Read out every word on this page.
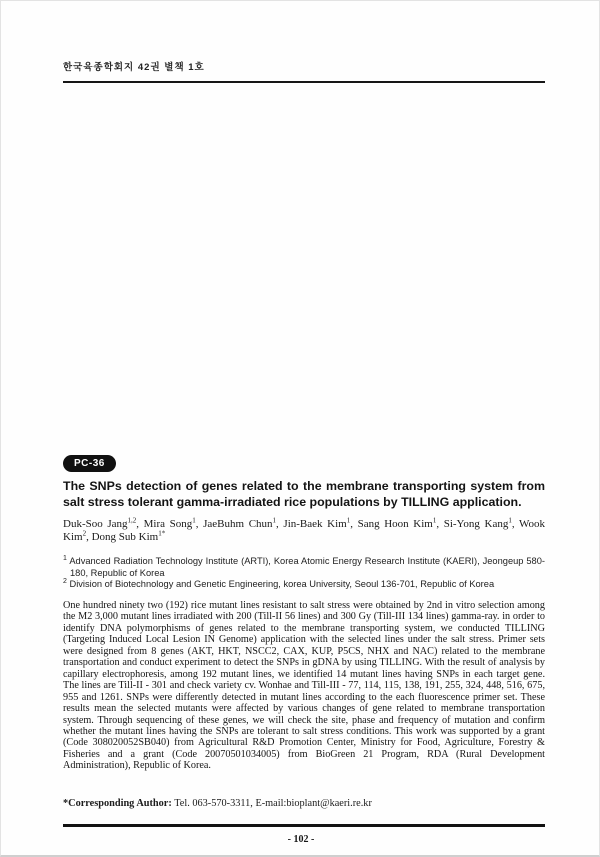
한국육종학회지 42권 별책 1호
PC-36
The SNPs detection of genes related to the membrane transporting system from salt stress tolerant gamma-irradiated rice populations by TILLING application.
Duk-Soo Jang$^{1,2}$, Mira Song$^1$, JaeBuhm Chun$^1$, Jin-Baek Kim$^1$, Sang Hoon Kim$^1$, Si-Yong Kang$^1$, Wook Kim$^2$, Dong Sub Kim$^{1*}$
$^1$ Advanced Radiation Technology Institute (ARTI), Korea Atomic Energy Research Institute (KAERI), Jeongeup 580-180, Republic of Korea
$^2$ Division of Biotechnology and Genetic Engineering, korea University, Seoul 136-701, Republic of Korea
One hundred ninety two (192) rice mutant lines resistant to salt stress were obtained by 2nd in vitro selection among the M2 3,000 mutant lines irradiated with 200 (Till-II 56 lines) and 300 Gy (Till-III 134 lines) gamma-ray. in order to identify DNA polymorphisms of genes related to the membrane transporting system, we conducted TILLING (Targeting Induced Local Lesion IN Genome) application with the selected lines under the salt stress. Primer sets were designed from 8 genes (AKT, HKT, NSCC2, CAX, KUP, P5CS, NHX and NAC) related to the membrane transportation and conduct experiment to detect the SNPs in gDNA by using TILLING. With the result of analysis by capillary electrophoresis, among 192 mutant lines, we identified 14 mutant lines having SNPs in each target gene. The lines are Till-II - 301 and check variety cv. Wonhae and Till-III - 77, 114, 115, 138, 191, 255, 324, 448, 516, 675, 955 and 1261. SNPs were differently detected in mutant lines according to the each fluorescence primer set. These results mean the selected mutants were affected by various changes of gene related to membrane transportation system. Through sequencing of these genes, we will check the site, phase and frequency of mutation and confirm whether the mutant lines having the SNPs are tolerant to salt stress conditions. This work was supported by a grant (Code 308020052SB040) from Agricultural R&D Promotion Center, Ministry for Food, Agriculture, Forestry & Fisheries and a grant (Code 20070501034005) from BioGreen 21 Program, RDA (Rural Development Administration), Republic of Korea.
*Corresponding Author: Tel. 063-570-3311, E-mail:bioplant@kaeri.re.kr
- 102 -
